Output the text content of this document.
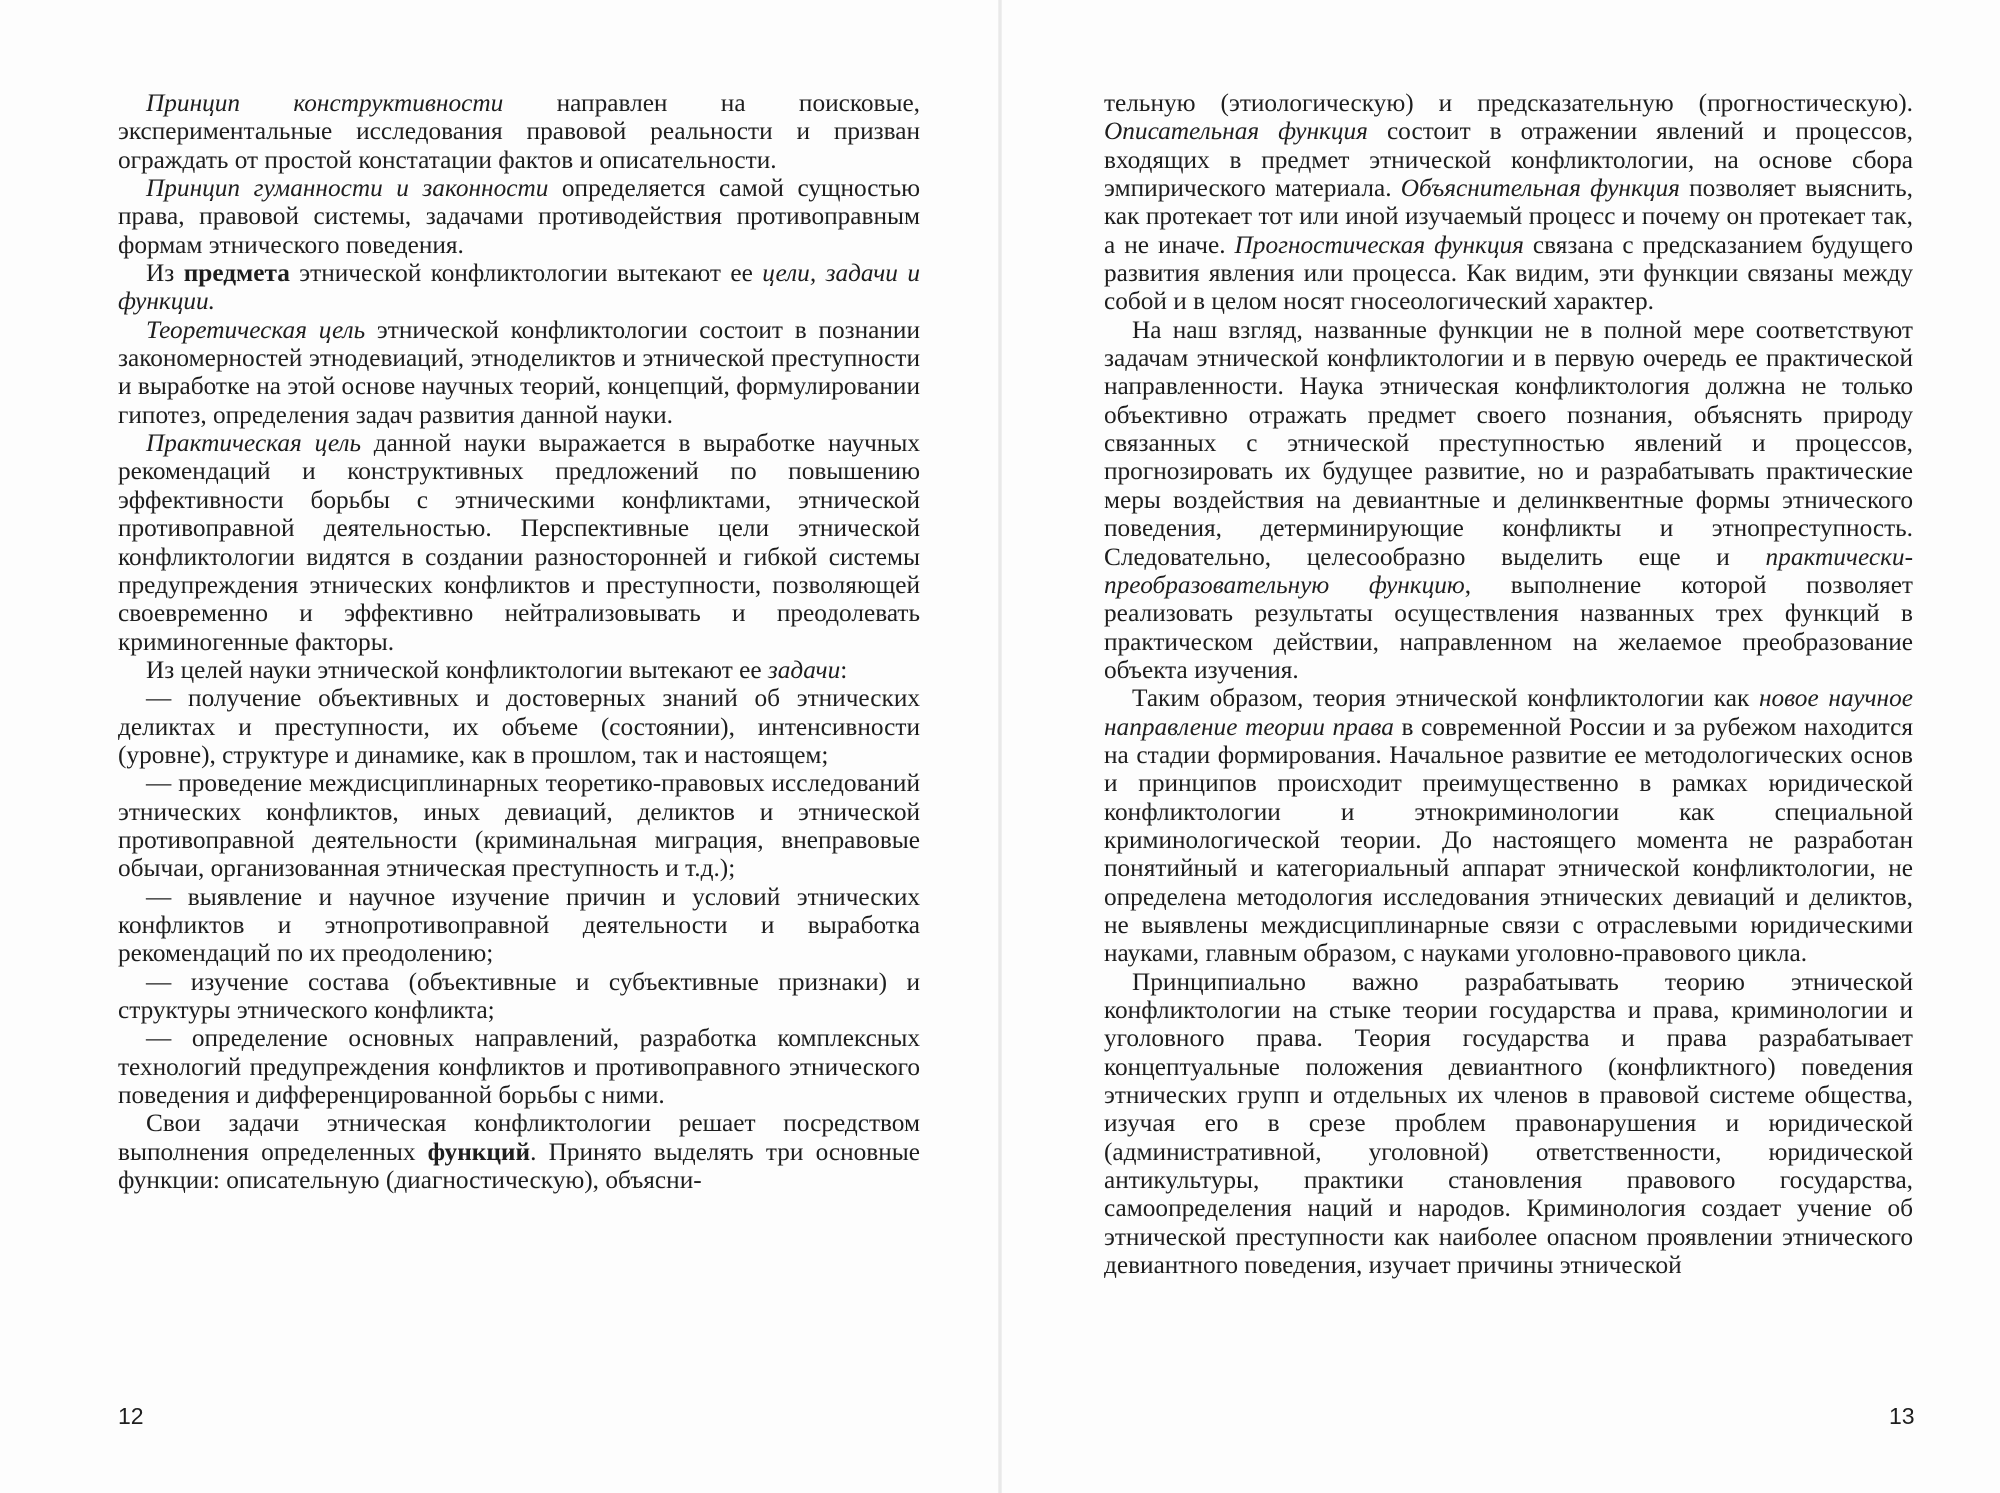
Принцип конструктивности направлен на поисковые, экспериментальные исследования правовой реальности и призван ограждать от простой констатации фактов и описательности.

Принцип гуманности и законности определяется самой сущностью права, правовой системы, задачами противодействия противоправным формам этнического поведения.

Из предмета этнической конфликтологии вытекают ее цели, задачи и функции.

Теоретическая цель этнической конфликтологии состоит в познании закономерностей этнодевиаций, этноделиктов и этнической преступности и выработке на этой основе научных теорий, концепций, формулировании гипотез, определения задач развития данной науки.

Практическая цель данной науки выражается в выработке научных рекомендаций и конструктивных предложений по повышению эффективности борьбы с этническими конфликтами, этнической противоправной деятельностью. Перспективные цели этнической конфликтологии видятся в создании разносторонней и гибкой системы предупреждения этнических конфликтов и преступности, позволяющей своевременно и эффективно нейтрализовывать и преодолевать криминогенные факторы.

Из целей науки этнической конфликтологии вытекают ее задачи:

— получение объективных и достоверных знаний об этнических деликтах и преступности, их объеме (состоянии), интенсивности (уровне), структуре и динамике, как в прошлом, так и настоящем;

— проведение междисциплинарных теоретико-правовых исследований этнических конфликтов, иных девиаций, деликтов и этнической противоправной деятельности (криминальная миграция, внеправовые обычаи, организованная этническая преступность и т.д.);

— выявление и научное изучение причин и условий этнических конфликтов и этнопротивоправной деятельности и выработка рекомендаций по их преодолению;

— изучение состава (объективные и субъективные признаки) и структуры этнического конфликта;

— определение основных направлений, разработка комплексных технологий предупреждения конфликтов и противоправного этнического поведения и дифференцированной борьбы с ними.

Свои задачи этническая конфликтологии решает посредством выполнения определенных функций. Принято выделять три основные функции: описательную (диагностическую), объясни-

12

тельную (этиологическую) и предсказательную (прогностическую). Описательная функция состоит в отражении явлений и процессов, входящих в предмет этнической конфликтологии, на основе сбора эмпирического материала. Объяснительная функция позволяет выяснить, как протекает тот или иной изучаемый процесс и почему он протекает так, а не иначе. Прогностическая функция связана с предсказанием будущего развития явления или процесса. Как видим, эти функции связаны между собой и в целом носят гносеологический характер.

На наш взгляд, названные функции не в полной мере соответствуют задачам этнической конфликтологии и в первую очередь ее практической направленности. Наука этническая конфликтология должна не только объективно отражать предмет своего познания, объяснять природу связанных с этнической преступностью явлений и процессов, прогнозировать их будущее развитие, но и разрабатывать практические меры воздействия на девиантные и делинквентные формы этнического поведения, детерминирующие конфликты и этнопреступность. Следовательно, целесообразно выделить еще и практически-преобразовательную функцию, выполнение которой позволяет реализовать результаты осуществления названных трех функций в практическом действии, направленном на желаемое преобразование объекта изучения.

Таким образом, теория этнической конфликтологии как новое научное направление теории права в современной России и за рубежом находится на стадии формирования. Начальное развитие ее методологических основ и принципов происходит преимущественно в рамках юридической конфликтологии и этнокриминологии как специальной криминологической теории. До настоящего момента не разработан понятийный и категориальный аппарат этнической конфликтологии, не определена методология исследования этнических девиаций и деликтов, не выявлены междисциплинарные связи с отраслевыми юридическими науками, главным образом, с науками уголовно-правового цикла.

Принципиально важно разрабатывать теорию этнической конфликтологии на стыке теории государства и права, криминологии и уголовного права. Теория государства и права разрабатывает концептуальные положения девиантного (конфликтного) поведения этнических групп и отдельных их членов в правовой системе общества, изучая его в срезе проблем правонарушения и юридической (административной, уголовной) ответственности, юридической антикультуры, практики становления правового государства, самоопределения наций и народов. Криминология создает учение об этнической преступности как наиболее опасном проявлении этнического девиантного поведения, изучает причины этнической

13
